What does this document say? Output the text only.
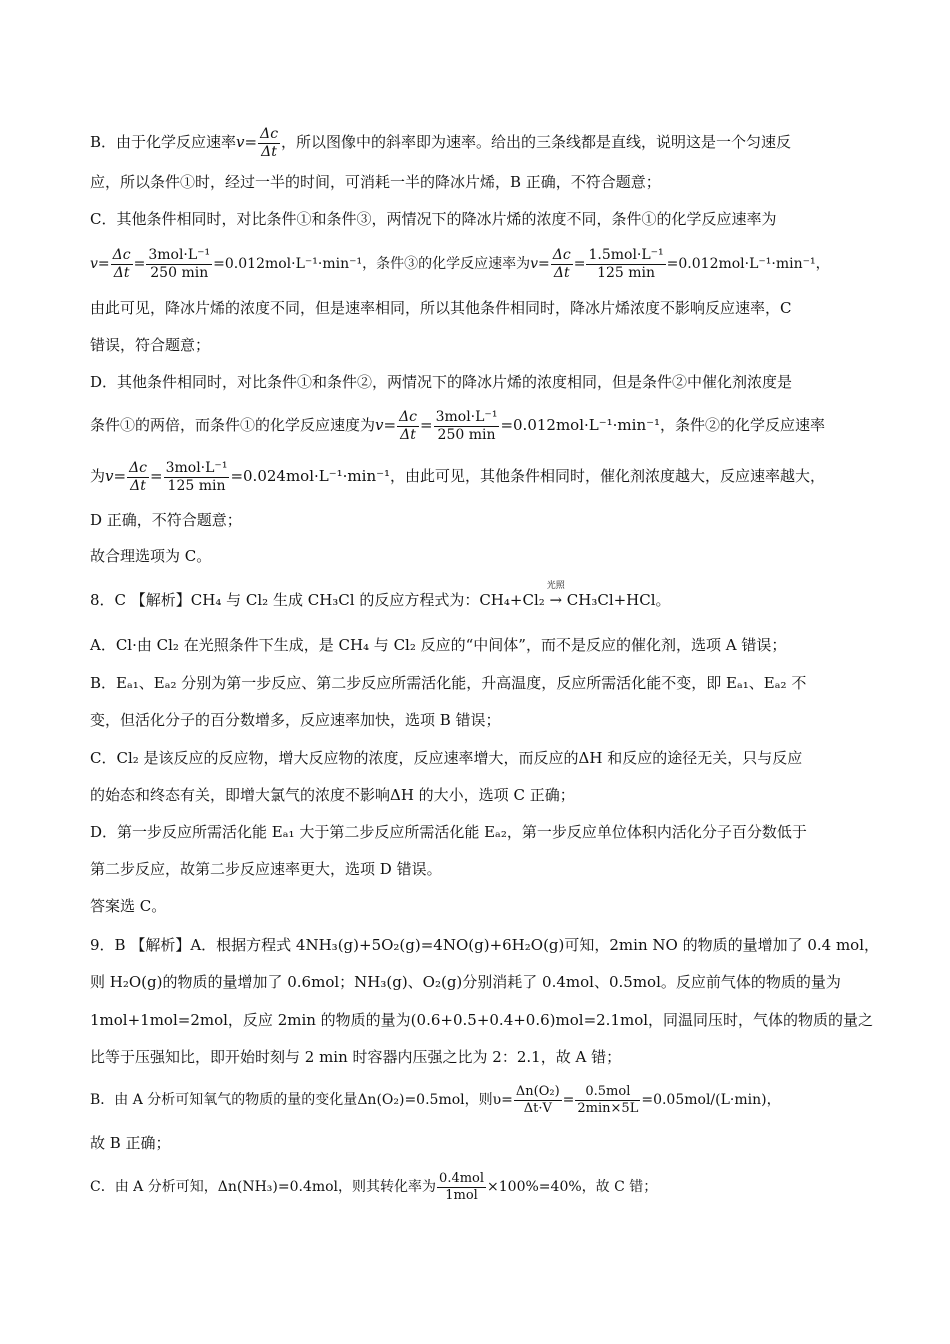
B．由于化学反应速率$v= \frac{\Delta c}{\Delta t}$ ，所以图像中的斜率即为速率。给出的三条线都是直线，说明这是一个匀速反
应，所以条件①时，经过一半的时间，可消耗一半的降冰片烯，B 正确，不符合题意；
C．其他条件相同时，对比条件①和条件③，两情况下的降冰片烯的浓度不同，条件①的化学反应速率为
$v= \frac{\Delta c}{\Delta t} = \frac{\text{3mol·L⁻¹}}{250 \min} =0.012mol\cdot L^{-1}\cdot\min^{-1}$，条件③的化学反应速率为$v= \frac{\Delta c}{\Delta t} = \frac{\text{1.5mol·L⁻¹}}{125 \min} =0.012mol\cdot L^{-1}\cdot\min^{-1}$，
由此可见，降冰片烯的浓度不同，但是速率相同，所以其他条件相同时，降冰片烯浓度不影响反应速率，C
错误，符合题意；
D．其他条件相同时，对比条件①和条件②，两情况下的降冰片烯的浓度相同，但是条件②中催化剂浓度是
条件①的两倍，而条件①的化学反应速度为$v= \frac{\Delta c}{\Delta t} = \frac{\text{3mol·L⁻¹}}{250 \min} =0.012mol\cdot L^{-1}\cdot\min^{-1}$，条件②的化学反应速率
为$v= \frac{\Delta c}{\Delta t} = \frac{\text{3mol·L⁻¹}}{125 \min} =0.024mol\cdot L^{-1}\cdot\min^{-1}$，由此可见，其他条件相同时，催化剂浓度越大，反应速率越大，
D 正确，不符合题意；
故合理选项为 C。
8．C 【解析】CH₄ 与 Cl₂ 生成 CH₃Cl 的反应方程式为：CH₄+Cl₂
光照
→ CH₃Cl+HCl。
A．Cl·由 Cl₂ 在光照条件下生成，是 CH₄ 与 Cl₂ 反应的“中间体”，而不是反应的催化剂，选项 A 错误；
B．Eₐ₁、Eₐ₂ 分别为第一步反应、第二步反应所需活化能，升高温度，反应所需活化能不变，即 Eₐ₁、Eₐ₂ 不
变，但活化分子的百分数增多，反应速率加快，选项 B 错误；
C．Cl₂ 是该反应的反应物，增大反应物的浓度，反应速率增大，而反应的ΔH 和反应的途径无关，只与反应
的始态和终态有关，即增大氯气的浓度不影响ΔH 的大小，选项 C 正确；
D．第一步反应所需活化能 Eₐ₁ 大于第二步反应所需活化能 Eₐ₂，第一步反应单位体积内活化分子百分数低于
第二步反应，故第二步反应速率更大，选项 D 错误。
答案选 C。
9．B 【解析】A．根据方程式 4NH₃(g)+5O₂(g)=4NO(g)+6H₂O(g)可知，2min NO 的物质的量增加了 0.4 mol，
则 H₂O(g)的物质的量增加了 0.6mol；NH₃(g)、O₂(g)分别消耗了 0.4mol、0.5mol。反应前气体的物质的量为
1mol+1mol=2mol，反应 2min 的物质的量为(0.6+0.5+0.4+0.6)mol=2.1mol，同温同压时，气体的物质的量之
比等于压强知比，即开始时刻与 2 min 时容器内压强之比为 2：2.1，故 A 错；
B．由 A 分析可知氧气的物质的量的变化量Δn(O₂)=0.5mol，则$\upsilon= \frac{\text{Δn(O₂)}}{\Delta t\cdot V} = \frac{\text{0.5mol}}{2\min\times 5L} =0.05mol/(L\cdot\min)$，
故 B 正确；
C．由 A 分析可知，Δn(NH₃)=0.4mol，则其转化率为 $\frac{\text{0.4mol}}{\text{1mol}} \times 100\%=40\%$，故 C 错；
